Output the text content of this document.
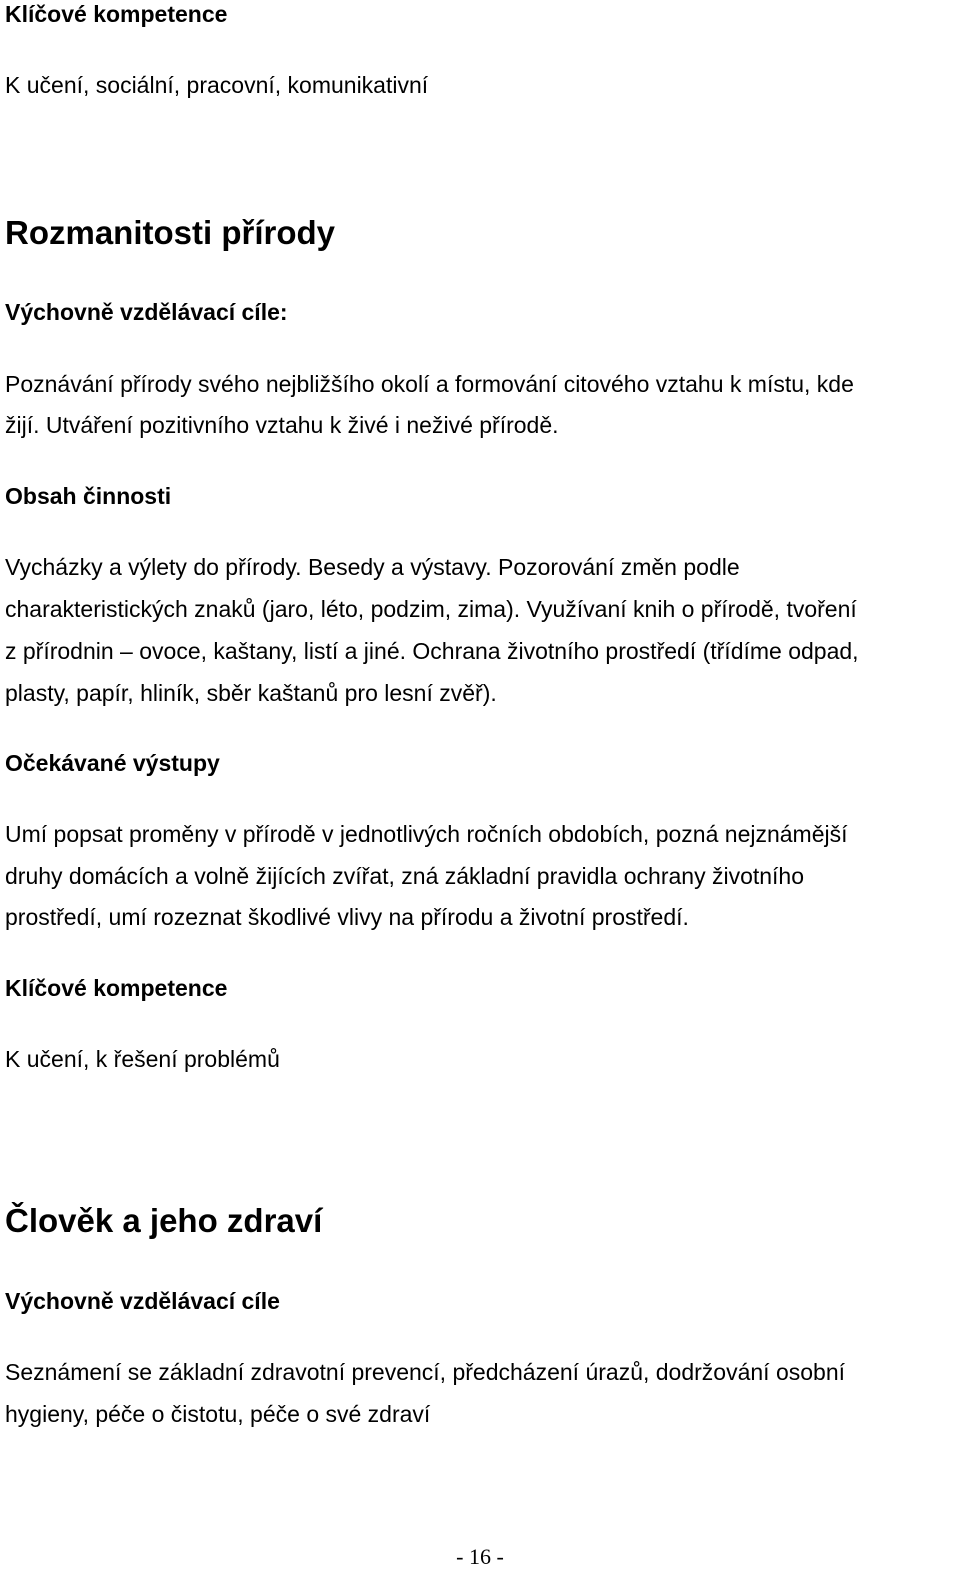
Klíčové kompetence
K učení, sociální, pracovní, komunikativní
Rozmanitosti přírody
Výchovně vzdělávací cíle:
Poznávání přírody svého nejbližšího okolí a formování citového vztahu k místu, kde
žijí. Utváření pozitivního vztahu k živé i neživé přírodě.
Obsah činnosti
Vycházky a výlety do přírody. Besedy a výstavy. Pozorování změn podle
charakteristických znaků (jaro, léto, podzim, zima). Využívaní knih o přírodě, tvoření
z přírodnin – ovoce, kaštany, listí a jiné. Ochrana životního prostředí (třídíme odpad,
plasty, papír, hliník, sběr kaštanů pro lesní zvěř).
Očekávané výstupy
Umí popsat proměny v přírodě v jednotlivých ročních obdobích, pozná nejznámější
druhy domácích a volně žijících zvířat, zná základní pravidla ochrany životního
prostředí, umí rozeznat škodlivé vlivy na přírodu a životní prostředí.
Klíčové kompetence
K učení, k řešení problémů
Člověk a jeho zdraví
Výchovně vzdělávací cíle
Seznámení se základní zdravotní prevencí, předcházení úrazů, dodržování osobní
hygieny, péče o čistotu, péče o své zdraví
- 16 -
